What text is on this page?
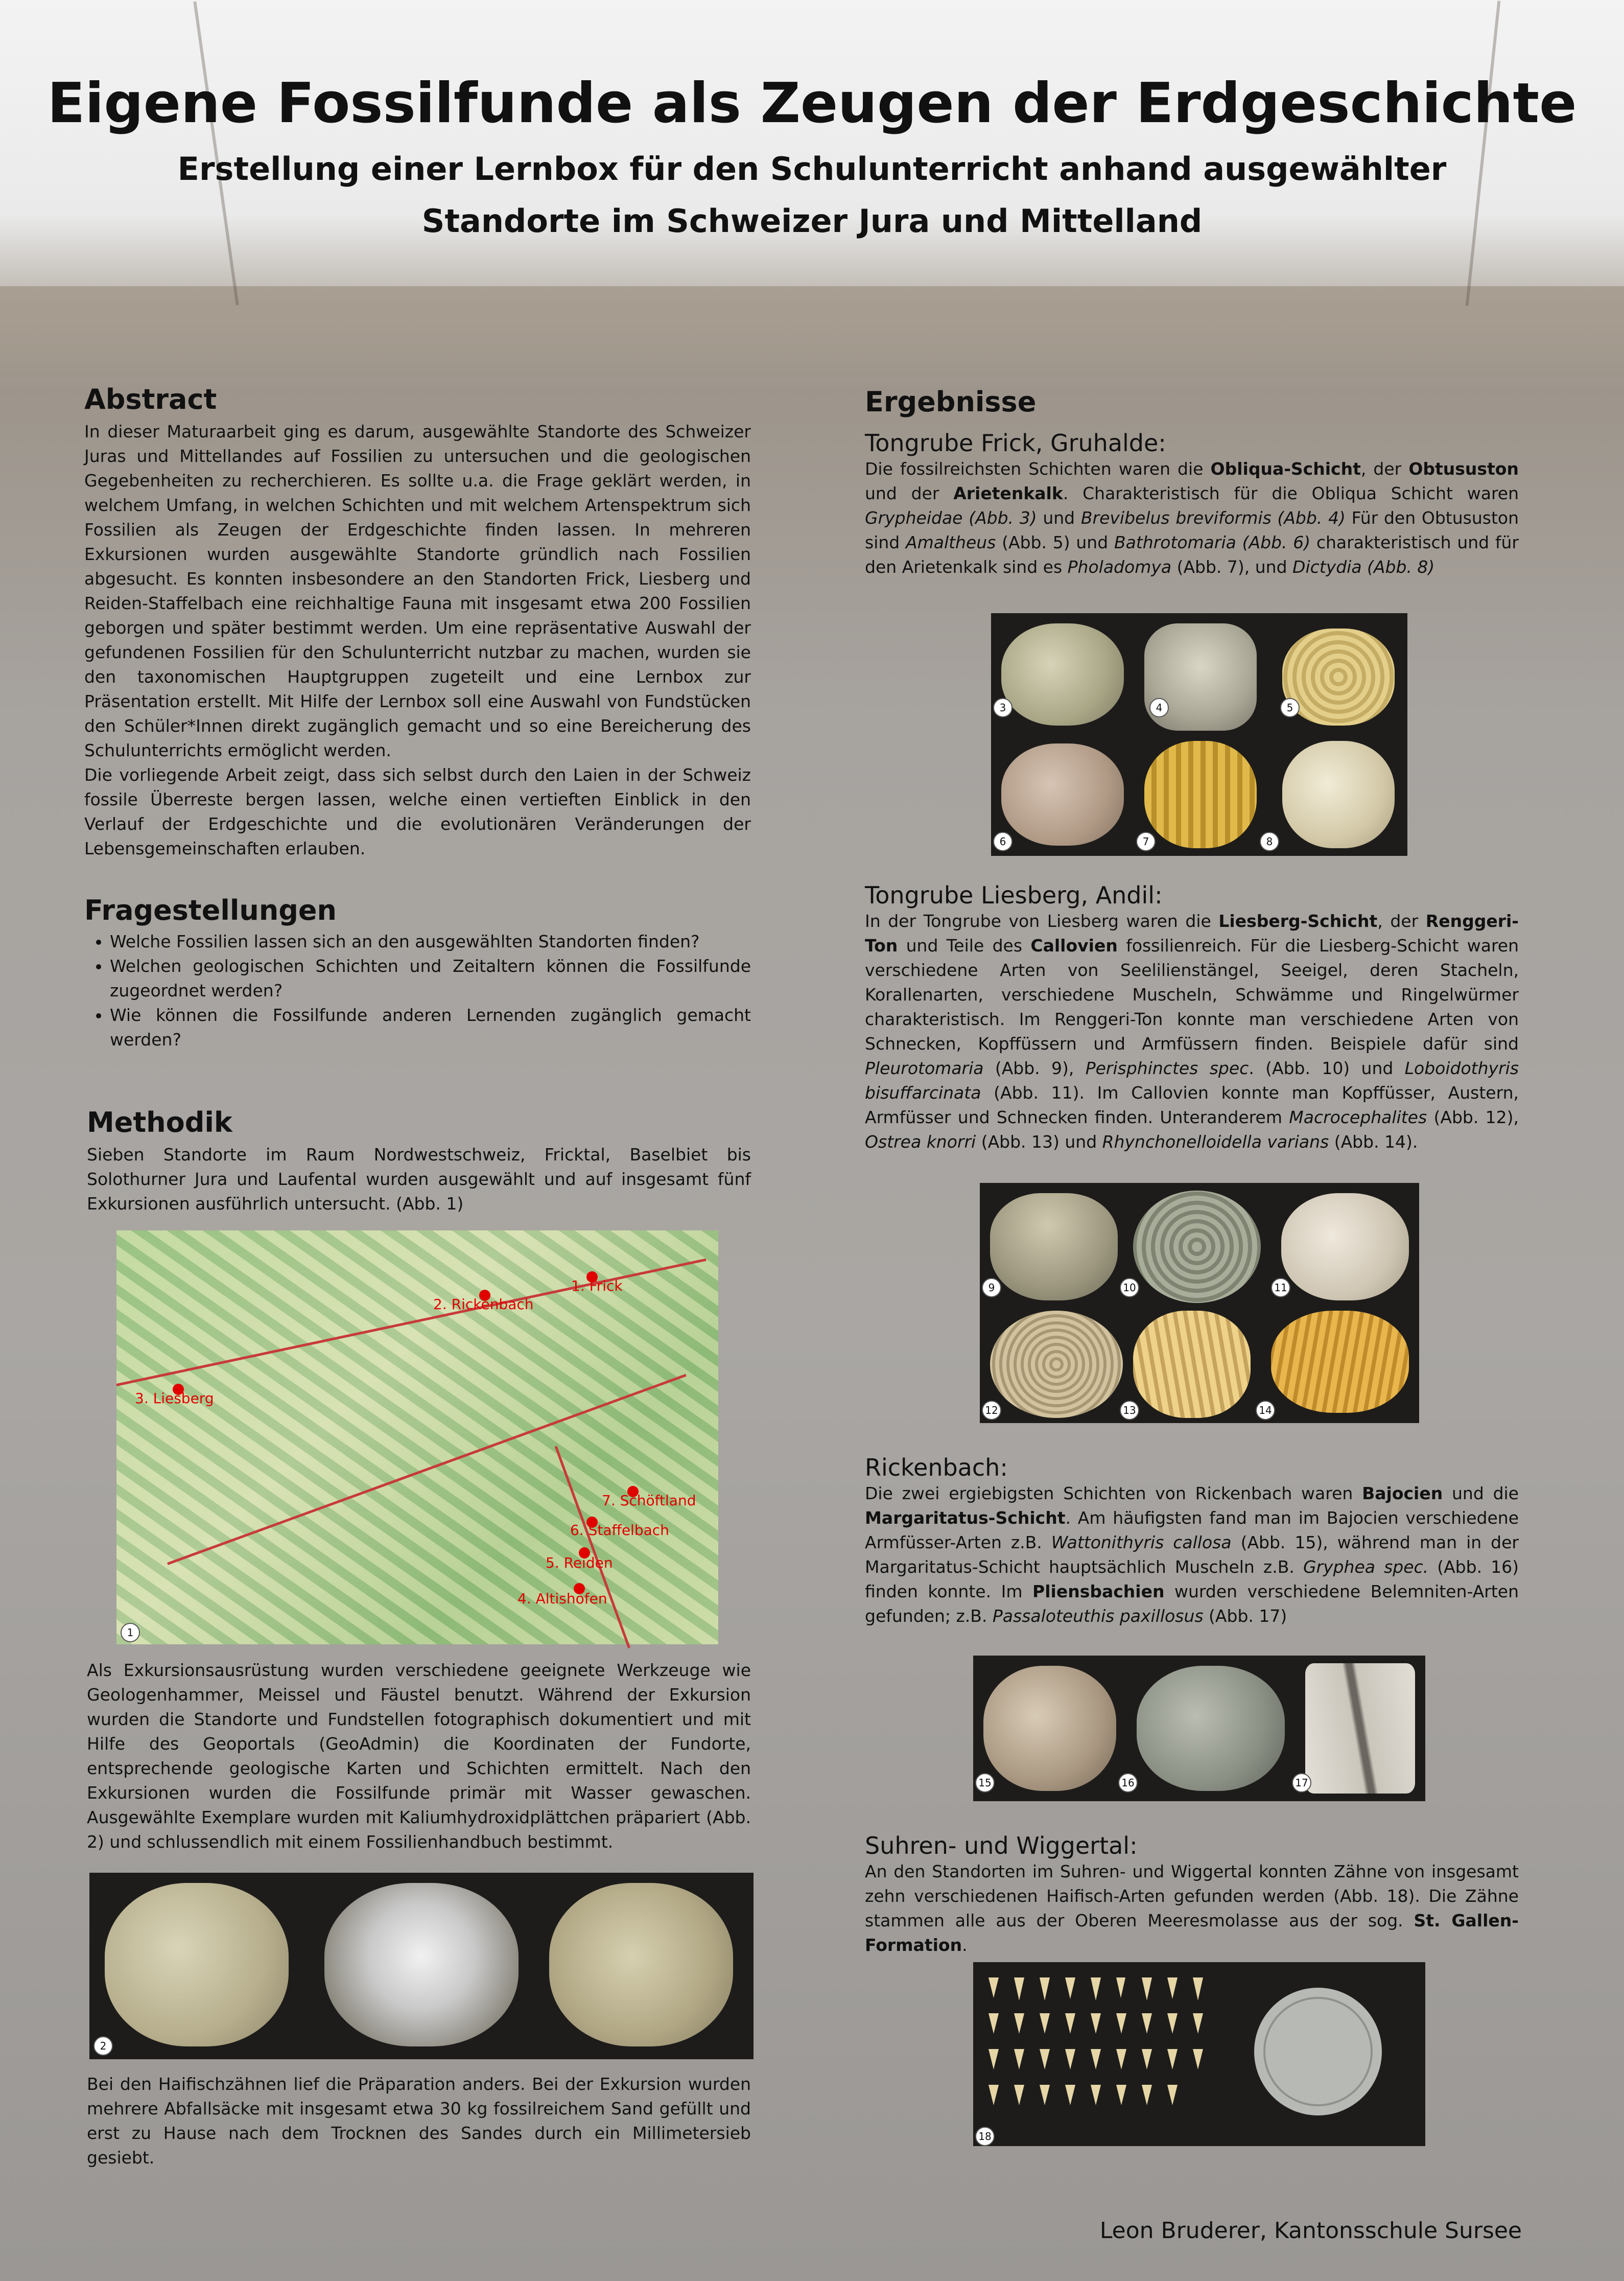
Eigene Fossilfunde als Zeugen der Erdgeschichte
Erstellung einer Lernbox für den Schulunterricht anhand ausgewählter Standorte im Schweizer Jura und Mittelland
Abstract

In dieser Maturaarbeit ging es darum, ausgewählte Standorte des Schweizer Juras und Mittellandes auf Fossilien zu untersuchen und die geologischen Gegebenheiten zu recherchieren. Es sollte u.a. die Frage geklärt werden, in welchem Umfang, in welchen Schichten und mit welchem Artenspektrum sich Fossilien als Zeugen der Erdgeschichte finden lassen. In mehreren Exkursionen wurden ausgewählte Standorte gründlich nach Fossilien abgesucht. Es konnten insbesondere an den Standorten Frick, Liesberg und Reiden-Staffelbach eine reichhaltige Fauna mit insgesamt etwa 200 Fossilien geborgen und später bestimmt werden. Um eine repräsentative Auswahl der gefundenen Fossilien für den Schulunterricht nutzbar zu machen, wurden sie den taxonomischen Hauptgruppen zugeteilt und eine Lernbox zur Präsentation erstellt. Mit Hilfe der Lernbox soll eine Auswahl von Fundstücken den Schüler*Innen direkt zugänglich gemacht und so eine Bereicherung des Schulunterrichts ermöglicht werden.

Die vorliegende Arbeit zeigt, dass sich selbst durch den Laien in der Schweiz fossile Überreste bergen lassen, welche einen vertieften Einblick in den Verlauf der Erdgeschichte und die evolutionären Veränderungen der Lebensgemeinschaften erlauben.

Fragestellungen
• Welche Fossilien lassen sich an den ausgewählten Standorten finden?
• Welchen geologischen Schichten und Zeitaltern können die Fossilfunde zugeordnet werden?
• Wie können die Fossilfunde anderen Lernenden zugänglich gemacht werden?
Methodik

Sieben Standorte im Raum Nordwestschweiz, Fricktal, Baselbiet bis Solothurner Jura und Laufental wurden ausgewählt und auf insgesamt fünf Exkursionen ausführlich untersucht. (Abb. 1)

1. Frick
2. Rickenbach
3. Liesberg
7. Schöftland
6. Staffelbach
5. Reiden
4. Altishofen
1

Als Exkursionsausrüstung wurden verschiedene geeignete Werkzeuge wie Geologenhammer, Meissel und Fäustel benutzt. Während der Exkursion wurden die Standorte und Fundstellen fotographisch dokumentiert und mit Hilfe des Geoportals (GeoAdmin) die Koordinaten der Fundorte, entsprechende geologische Karten und Schichten ermittelt. Nach den Exkursionen wurden die Fossilfunde primär mit Wasser gewaschen. Ausgewählte Exemplare wurden mit Kaliumhydroxidplättchen präpariert (Abb. 2) und schlussendlich mit einem Fossilienhandbuch bestimmt.

2

Bei den Haifischzähnen lief die Präparation anders. Bei der Exkursion wurden mehrere Abfallsäcke mit insgesamt etwa 30 kg fossilreichem Sand gefüllt und erst zu Hause nach dem Trocknen des Sandes durch ein Millimetersieb gesiebt.

Ergebnisse
Tongrube Frick, Gruhalde:

Die fossilreichsten Schichten waren die Obliqua-Schicht, der Obtususton und der Arietenkalk. Charakteristisch für die Obliqua Schicht waren Grypheidae (Abb. 3) und Brevibelus breviformis (Abb. 4) Für den Obtususton sind Amaltheus (Abb. 5) und Bathrotomaria (Abb. 6) charakteristisch und für den Arietenkalk sind es Pholadomya (Abb. 7), und Dictydia (Abb. 8)

3	4	5
6	7	8
Tongrube Liesberg, Andil:

In der Tongrube von Liesberg waren die Liesberg-Schicht, der Renggeri-Ton und Teile des Callovien fossilienreich. Für die Liesberg-Schicht waren verschiedene Arten von Seelilienstängel, Seeigel, deren Stacheln, Korallenarten, verschiedene Muscheln, Schwämme und Ringelwürmer charakteristisch. Im Renggeri-Ton konnte man verschiedene Arten von Schnecken, Kopffüssern und Armfüssern finden. Beispiele dafür sind Pleurotomaria (Abb. 9), Perisphinctes spec. (Abb. 10) und Loboidothyris bisuffarcinata (Abb. 11). Im Callovien konnte man Kopffüsser, Austern, Armfüsser und Schnecken finden. Unteranderem Macrocephalites (Abb. 12), Ostrea knorri (Abb. 13) und Rhynchonelloidella varians (Abb. 14).

9	10	11
12	13	14
Rickenbach:

Die zwei ergiebigsten Schichten von Rickenbach waren Bajocien und die Margaritatus-Schicht. Am häufigsten fand man im Bajocien verschiedene Armfüsser-Arten z.B. Wattonithyris callosa (Abb. 15), während man in der Margaritatus-Schicht hauptsächlich Muscheln z.B. Gryphea spec. (Abb. 16) finden konnte. Im Pliensbachien wurden verschiedene Belemniten-Arten gefunden; z.B. Passaloteuthis paxillosus (Abb. 17)

15	16	17
Suhren- und Wiggertal:

An den Standorten im Suhren- und Wiggertal konnten Zähne von insgesamt zehn verschiedenen Haifisch-Arten gefunden werden (Abb. 18). Die Zähne stammen alle aus der Oberen Meeresmolasse aus der sog. St. Gallen-Formation.

18
Leon Bruderer, Kantonsschule Sursee
